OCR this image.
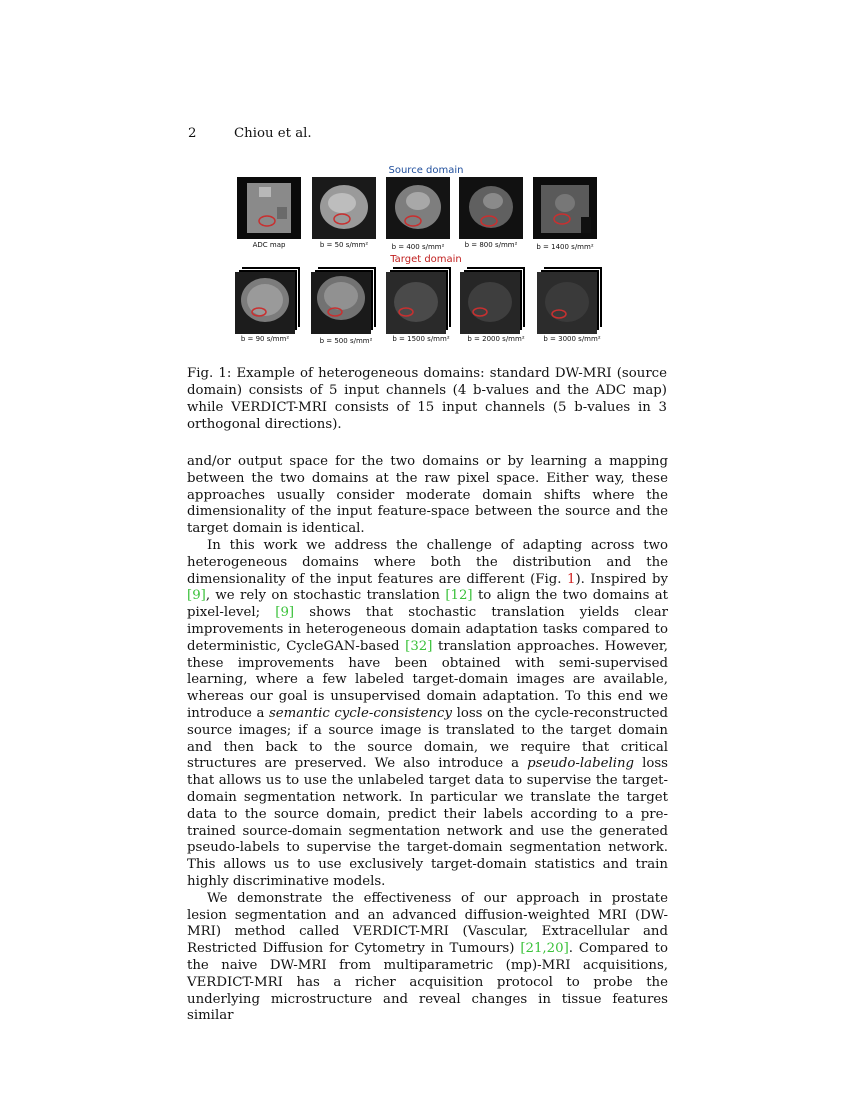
2	Chiou et al.
Source domain
ADC map	b = 50 s/mm²	b = 400 s/mm²	b = 800 s/mm²	b = 1400 s/mm²
Target domain
b = 90 s/mm²	b = 500 s/mm²	b = 1500 s/mm²	b = 2000 s/mm²	b = 3000 s/mm²
Fig. 1: Example of heterogeneous domains: standard DW-MRI (source domain) consists of 5 input channels (4 b-values and the ADC map) while VERDICT-MRI consists of 15 input channels (5 b-values in 3 orthogonal directions).

and/or output space for the two domains or by learning a mapping between the two domains at the raw pixel space. Either way, these approaches usually consider moderate domain shifts where the dimensionality of the input feature-space between the source and the target domain is identical.

In this work we address the challenge of adapting across two heterogeneous domains where both the distribution and the dimensionality of the input features are different (Fig. 1). Inspired by [9], we rely on stochastic translation [12] to align the two domains at pixel-level; [9] shows that stochastic translation yields clear improvements in heterogeneous domain adaptation tasks compared to deterministic, CycleGAN-based [32] translation approaches. However, these improvements have been obtained with semi-supervised learning, where a few labeled target-domain images are available, whereas our goal is unsupervised domain adaptation. To this end we introduce a semantic cycle-consistency loss on the cycle-reconstructed source images; if a source image is translated to the target domain and then back to the source domain, we require that critical structures are preserved. We also introduce a pseudo-labeling loss that allows us to use the unlabeled target data to supervise the target-domain segmentation network. In particular we translate the target data to the source domain, predict their labels according to a pre-trained source-domain segmentation network and use the generated pseudo-labels to supervise the target-domain segmentation network. This allows us to use exclusively target-domain statistics and train highly discriminative models.

We demonstrate the effectiveness of our approach in prostate lesion segmentation and an advanced diffusion-weighted MRI (DW-MRI) method called VERDICT-MRI (Vascular, Extracellular and Restricted Diffusion for Cytometry in Tumours) [21,20]. Compared to the naive DW-MRI from multiparametric (mp)-MRI acquisitions, VERDICT-MRI has a richer acquisition protocol to probe the underlying microstructure and reveal changes in tissue features similar
